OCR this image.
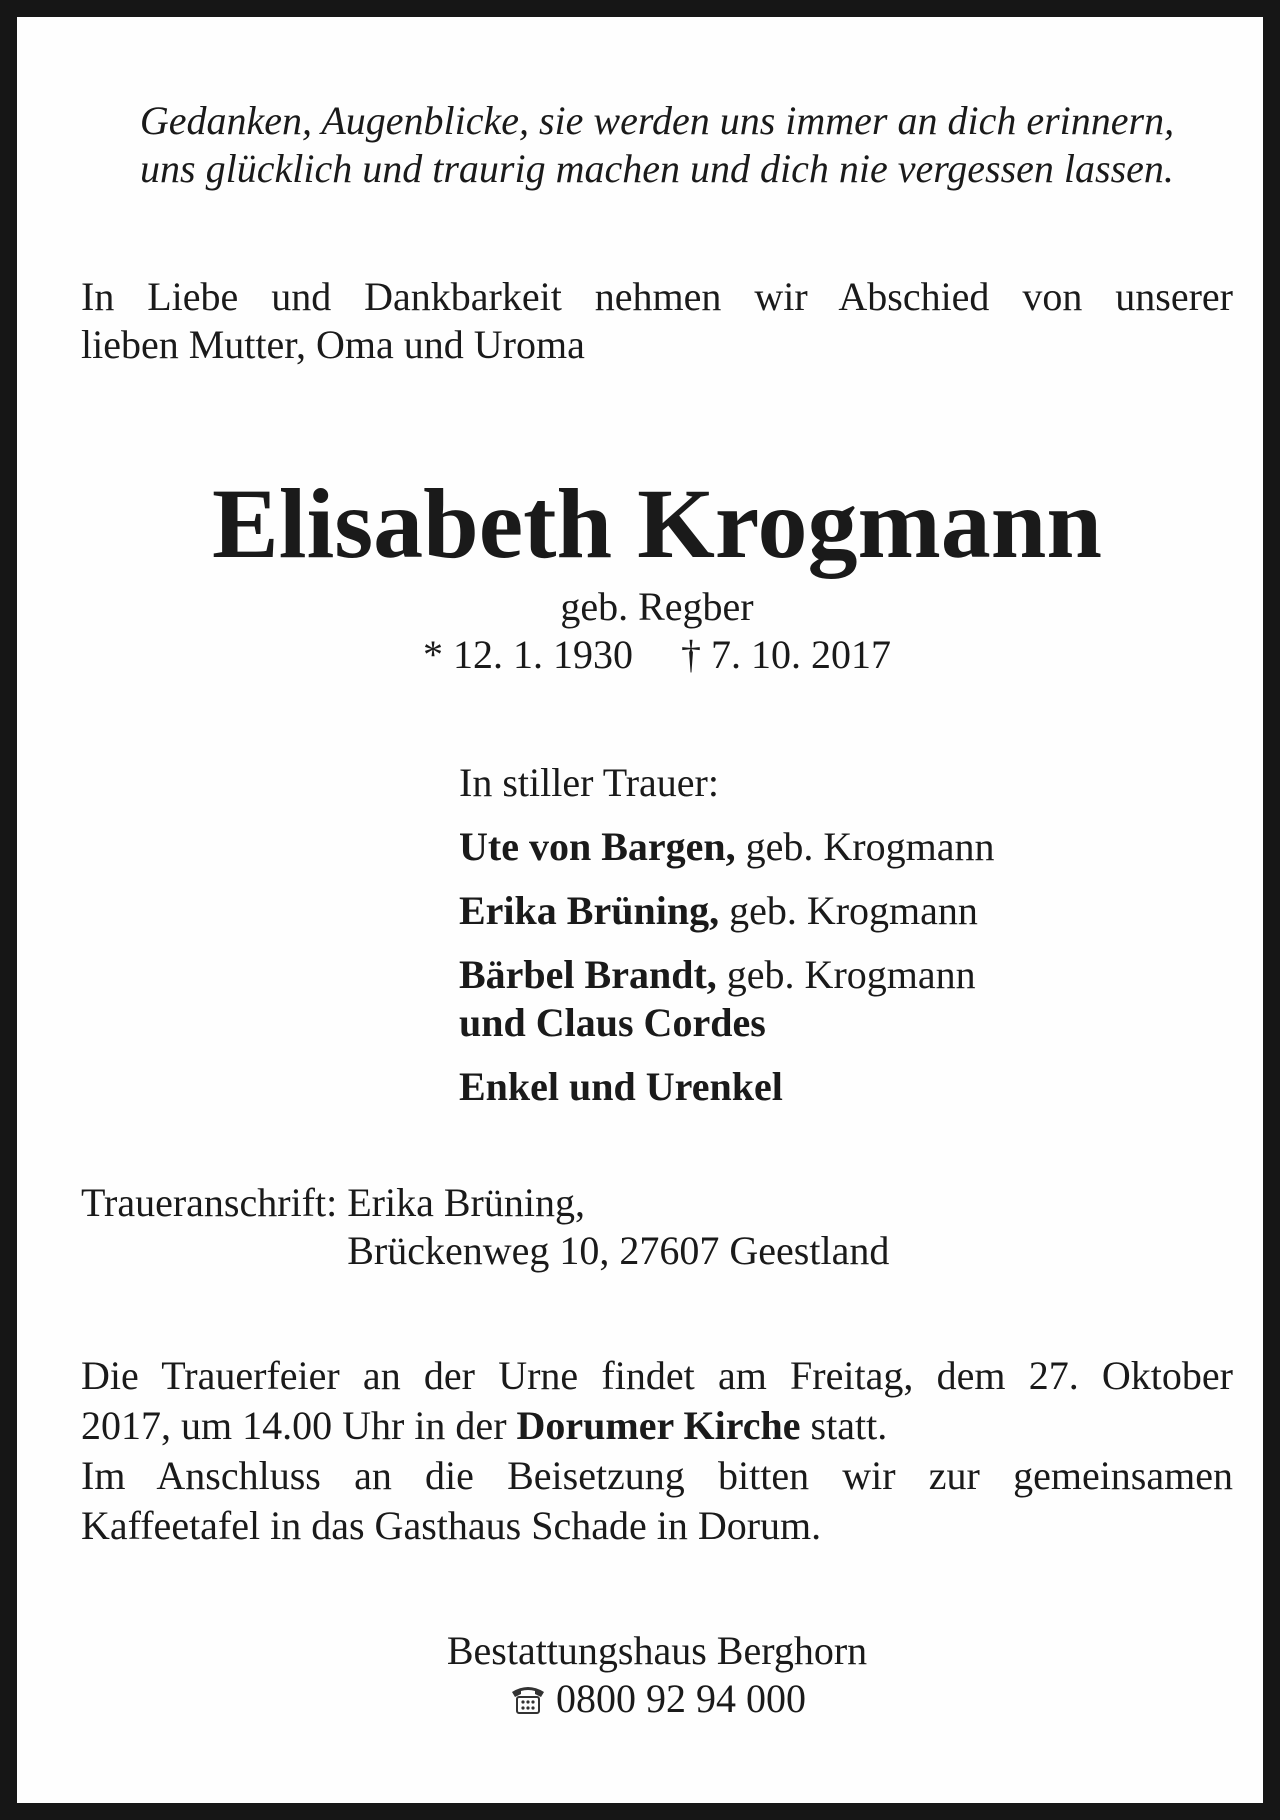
Gedanken, Augenblicke, sie werden uns immer an dich erinnern,
uns glücklich und traurig machen und dich nie vergessen lassen.
In Liebe und Dankbarkeit nehmen wir Abschied von unserer
lieben Mutter, Oma und Uroma
Elisabeth Krogmann
geb. Regber
* 12. 1. 1930 † 7. 10. 2017
In stiller Trauer:
Ute von Bargen, geb. Krogmann
Erika Brüning, geb. Krogmann
Bärbel Brandt, geb. Krogmann
und Claus Cordes
Enkel und Urenkel
Traueranschrift: Erika Brüning,
Brückenweg 10, 27607 Geestland
Die Trauerfeier an der Urne findet am Freitag, dem 27. Oktober
2017, um 14.00 Uhr in der Dorumer Kirche statt.
Im Anschluss an die Beisetzung bitten wir zur gemeinsamen
Kaffeetafel in das Gasthaus Schade in Dorum.
Bestattungshaus Berghorn
0800 92 94 000
